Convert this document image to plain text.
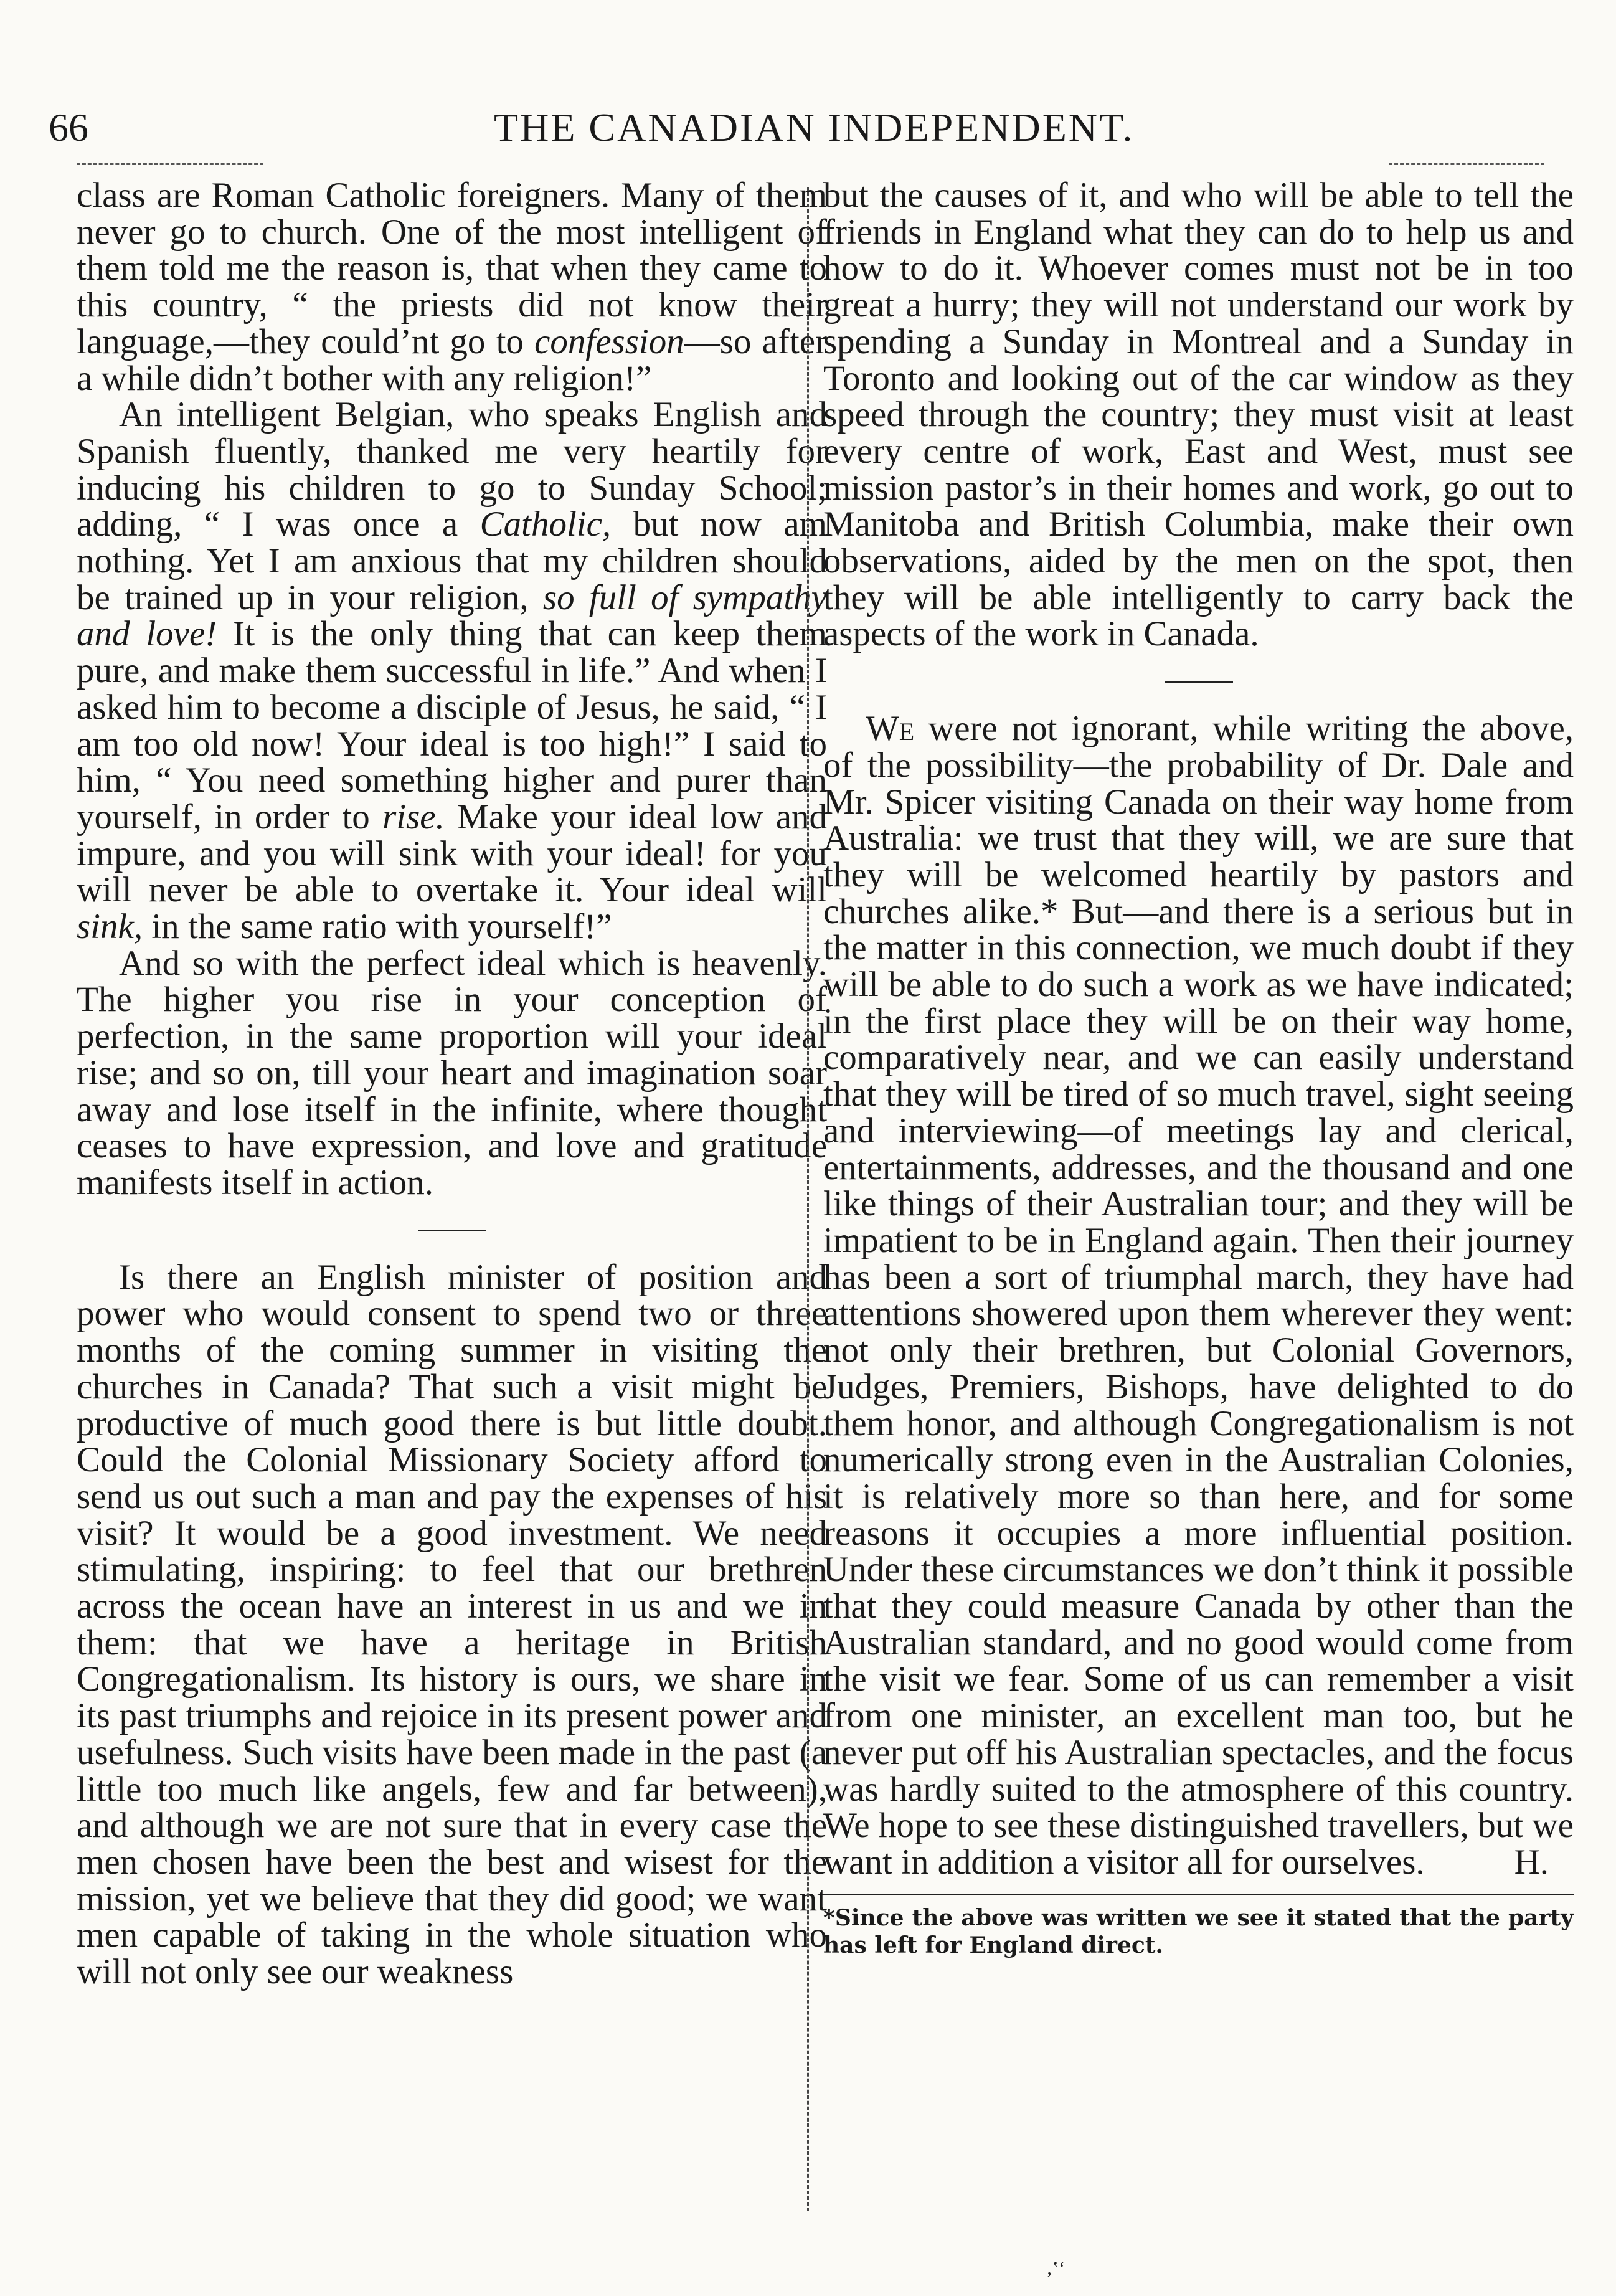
66	THE CANADIAN INDEPENDENT.

class are Roman Catholic foreigners. Many of them never go to church. One of the most intelligent of them told me the reason is, that when they came to this country, “ the priests did not know their language,—they could’nt go to confession—so after a while didn’t bother with any religion!”

An intelligent Belgian, who speaks English and Spanish fluently, thanked me very heartily for inducing his children to go to Sunday School; adding, “ I was once a Catholic, but now am nothing. Yet I am anxious that my children should be trained up in your religion, so full of sympathy and love! It is the only thing that can keep them pure, and make them successful in life.” And when I asked him to become a disciple of Jesus, he said, “ I am too old now! Your ideal is too high!” I said to him, “ You need something higher and purer than yourself, in order to rise. Make your ideal low and impure, and you will sink with your ideal! for you will never be able to overtake it. Your ideal will sink, in the same ratio with yourself!”

And so with the perfect ideal which is heavenly. The higher you rise in your conception of perfection, in the same proportion will your ideal rise; and so on, till your heart and imagination soar away and lose itself in the infinite, where thought ceases to have expression, and love and gratitude manifests itself in action.

Is there an English minister of position and power who would consent to spend two or three months of the coming summer in visiting the churches in Canada? That such a visit might be productive of much good there is but little doubt. Could the Colonial Missionary Society afford to send us out such a man and pay the expenses of his visit? It would be a good investment. We need stimulating, inspiring: to feel that our brethren across the ocean have an interest in us and we in them: that we have a heritage in British Congregationalism. Its history is ours, we share in its past triumphs and rejoice in its present power and usefulness. Such visits have been made in the past (a little too much like angels, few and far between), and although we are not sure that in every case the men chosen have been the best and wisest for the mission, yet we believe that they did good; we want men capable of taking in the whole situation who will not only see our weakness

but the causes of it, and who will be able to tell the friends in England what they can do to help us and how to do it. Whoever comes must not be in too great a hurry; they will not understand our work by spending a Sunday in Montreal and a Sunday in Toronto and looking out of the car window as they speed through the country; they must visit at least every centre of work, East and West, must see mission pastor’s in their homes and work, go out to Manitoba and British Columbia, make their own observations, aided by the men on the spot, then they will be able intelligently to carry back the aspects of the work in Canada.

We were not ignorant, while writing the above, of the possibility—the probability of Dr. Dale and Mr. Spicer visiting Canada on their way home from Australia: we trust that they will, we are sure that they will be welcomed heartily by pastors and churches alike.* But—and there is a serious but in the matter in this connection, we much doubt if they will be able to do such a work as we have indicated; in the first place they will be on their way home, comparatively near, and we can easily understand that they will be tired of so much travel, sight seeing and interviewing—of meetings lay and clerical, entertainments, addresses, and the thousand and one like things of their Australian tour; and they will be impatient to be in England again. Then their journey has been a sort of triumphal march, they have had attentions showered upon them wherever they went: not only their brethren, but Colonial Governors, Judges, Premiers, Bishops, have delighted to do them honor, and although Congregationalism is not numerically strong even in the Australian Colonies, it is relatively more so than here, and for some reasons it occupies a more influential position. Under these circumstances we don’t think it possible that they could measure Canada by other than the Australian standard, and no good would come from the visit we fear. Some of us can remember a visit from one minister, an excellent man too, but he never put off his Australian spectacles, and the focus was hardly suited to the atmosphere of this country. We hope to see these distinguished travellers, but we want in addition a visitor all for ourselves.	H.

*Since the above was written we see it stated that the party has left for England direct.
‚‛‘
